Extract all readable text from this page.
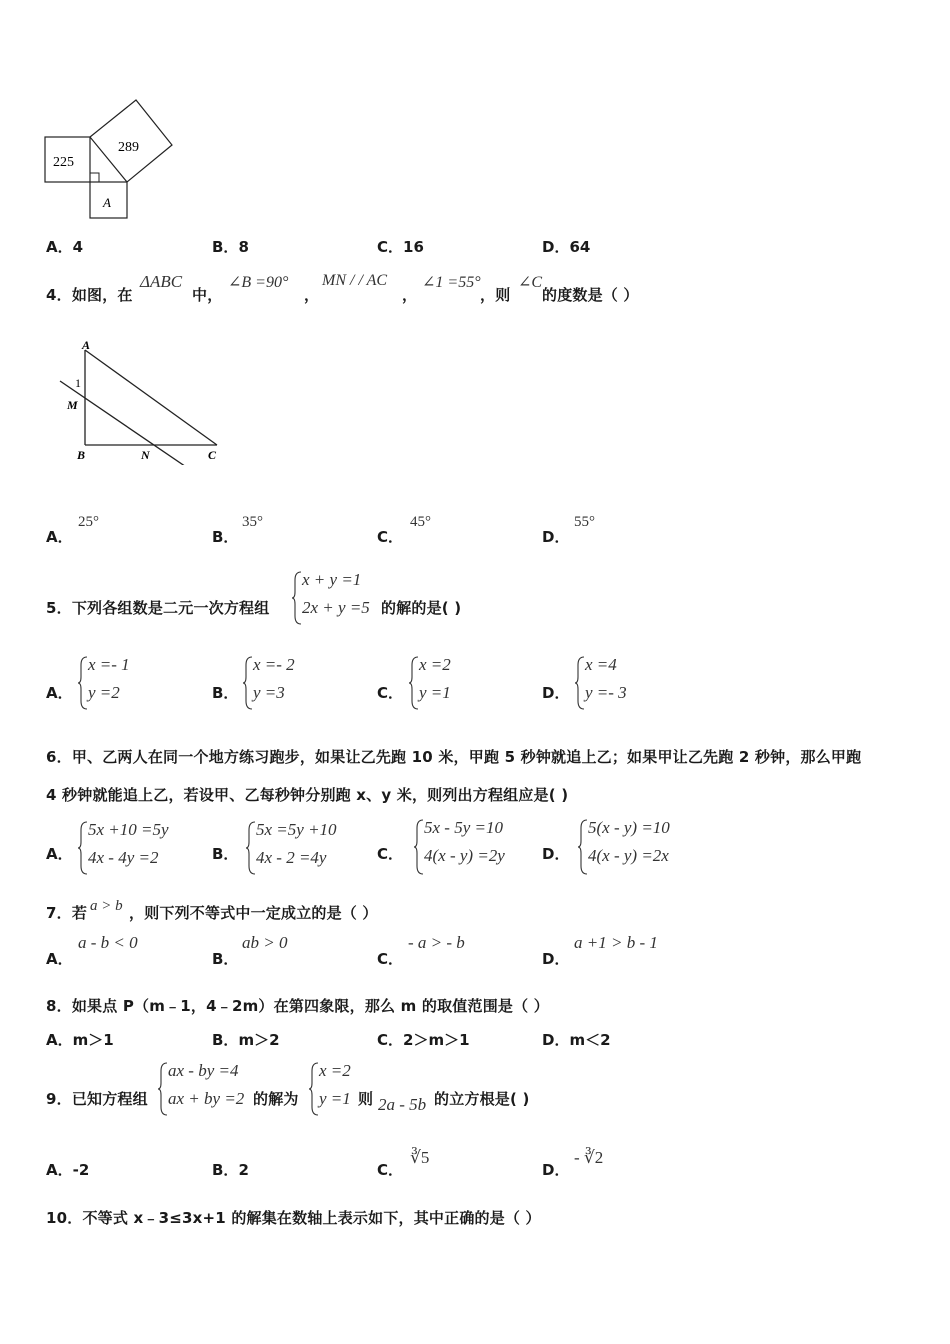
225
289
A
A．4	B．8	C．16	D．64
4．如图，在
ΔABC
中，
∠B =90°
，
MN / / AC
，
∠1 =55°
，则
∠C
的度数是（ ）
A
1
M
B	N	C
A．
25°
B．
35°
C．
45°
D．
55°
5．下列各组数是二元一次方程组
x + y =1
2x + y =5 的解的是( )
A．
x =- 1
y =2	B．
x =- 2
y =3	C．
x =2
y =1	D．
x =4
y =- 3
6．甲、乙两人在同一个地方练习跑步，如果让乙先跑 10 米，甲跑 5 秒钟就追上乙；如果甲让乙先跑 2 秒钟，那么甲跑
4 秒钟就能追上乙，若设甲、乙每秒钟分别跑 x、y 米，则列出方程组应是( )
A．
5x +10 =5y
4x - 4y =2	B．
5x =5y +10
4x - 2 =4y	C．
5x - 5y =10
4(x - y) =2y D．
5(x - y) =10
4(x - y) =2x
7．若 a > b ，则下列不等式中一定成立的是（ ）
A．
a - b < 0
B．
ab > 0
C．
- a > - b
D．
a +1 > b - 1
8．如果点 P（m﹣1，4﹣2m）在第四象限，那么 m 的取值范围是（ ）
A．m＞1	B．m＞2	C．2＞m＞1	D．m＜2
9．已知方程组
ax - by =4
ax + by =2 的解为
x =2
y =1 则 2a - 5b 的立方根是( )
A．-2	B．2	C．
∛5
D．
- ∛2
10．不等式 x﹣3≤3x+1 的解集在数轴上表示如下，其中正确的是（ ）
